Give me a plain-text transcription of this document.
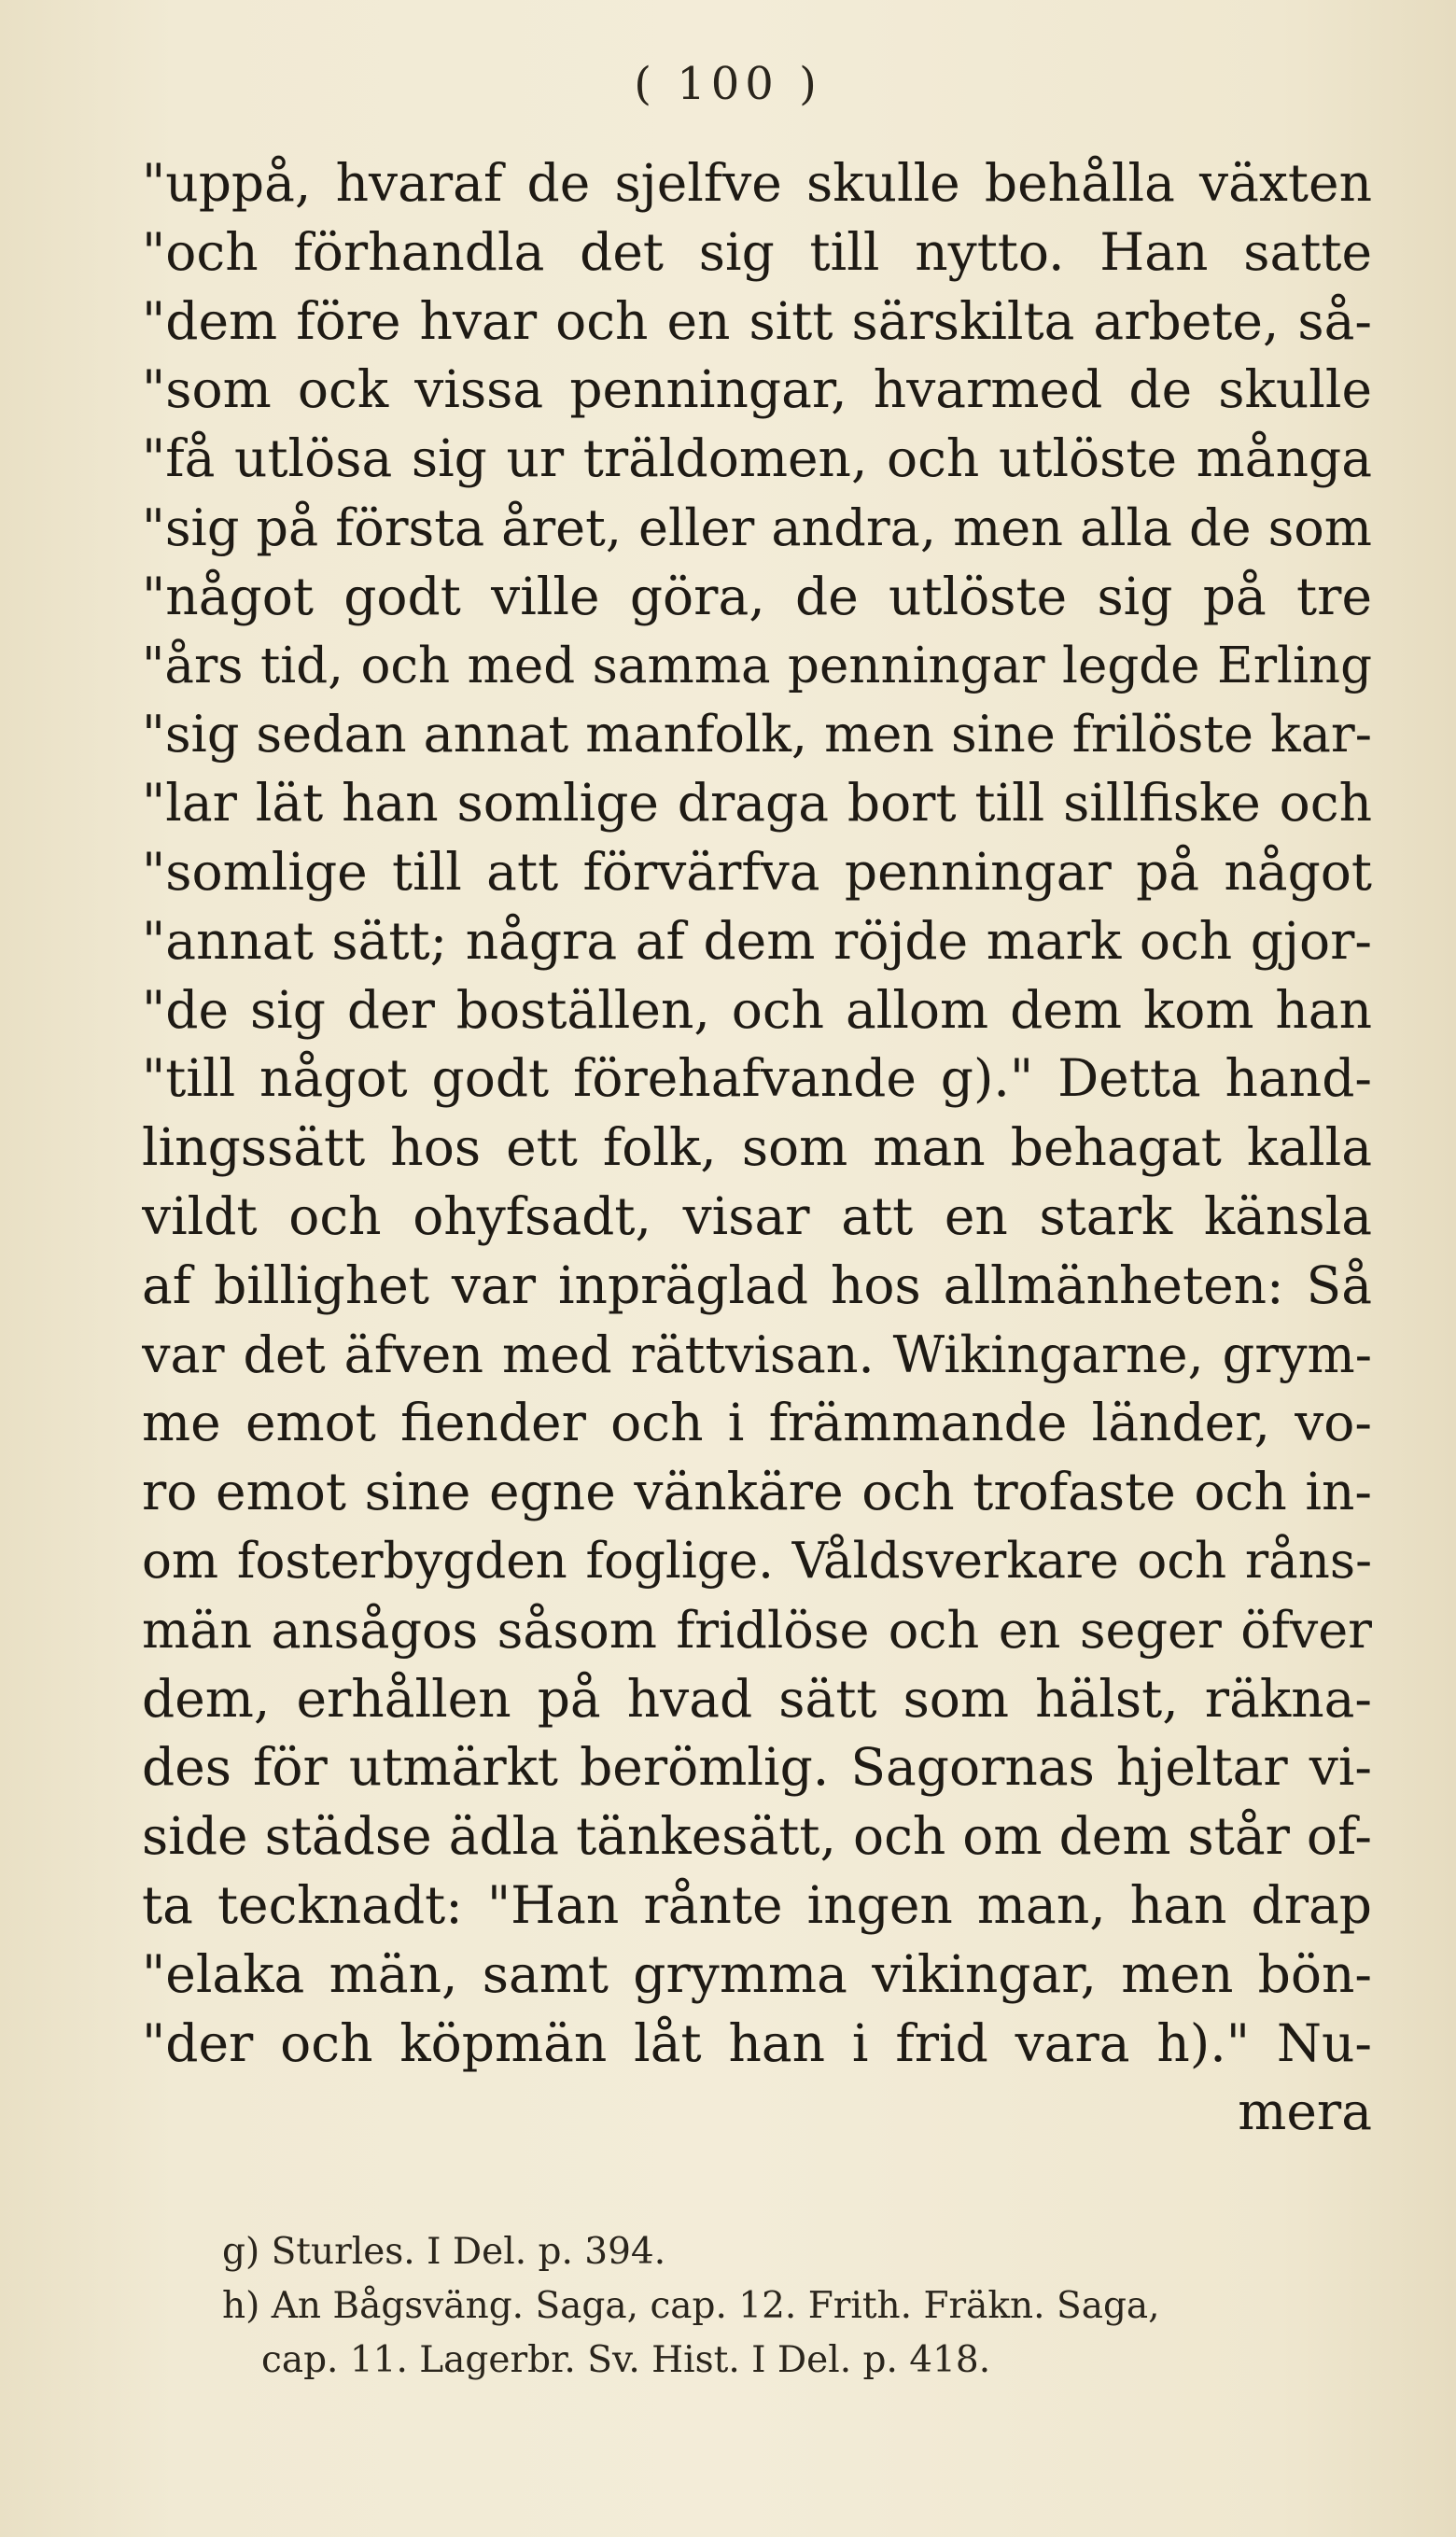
( 100 )
"uppå, hvaraf de sjelfve skulle behålla växten
"och förhandla det sig till nytto. Han satte
"dem före hvar och en sitt särskilta arbete, så-
"som ock vissa penningar, hvarmed de skulle
"få utlösa sig ur träldomen, och utlöste många
"sig på första året, eller andra, men alla de som
"något godt ville göra, de utlöste sig på tre
"års tid, och med samma penningar legde Erling
"sig sedan annat manfolk, men sine frilöste kar-
"lar lät han somlige draga bort till sillfiske och
"somlige till att förvärfva penningar på något
"annat sätt; några af dem röjde mark och gjor-
"de sig der boställen, och allom dem kom han
"till något godt förehafvande g)." Detta hand-
lingssätt hos ett folk, som man behagat kalla
vildt och ohyfsadt, visar att en stark känsla
af billighet var inpräglad hos allmänheten: Så
var det äfven med rättvisan. Wikingarne, grym-
me emot fiender och i främmande länder, vo-
ro emot sine egne vänkäre och trofaste och in-
om fosterbygden foglige. Våldsverkare och råns-
män ansågos såsom fridlöse och en seger öfver
dem, erhållen på hvad sätt som hälst, räkna-
des för utmärkt berömlig. Sagornas hjeltar vi-
side städse ädla tänkesätt, och om dem står of-
ta tecknadt: "Han rånte ingen man, han drap
"elaka män, samt grymma vikingar, men bön-
"der och köpmän låt han i frid vara h)." Nu-
mera
g) Sturles. I Del. p. 394.
h) An Bågsväng. Saga, cap. 12. Frith. Fräkn. Saga,
cap. 11. Lagerbr. Sv. Hist. I Del. p. 418.
